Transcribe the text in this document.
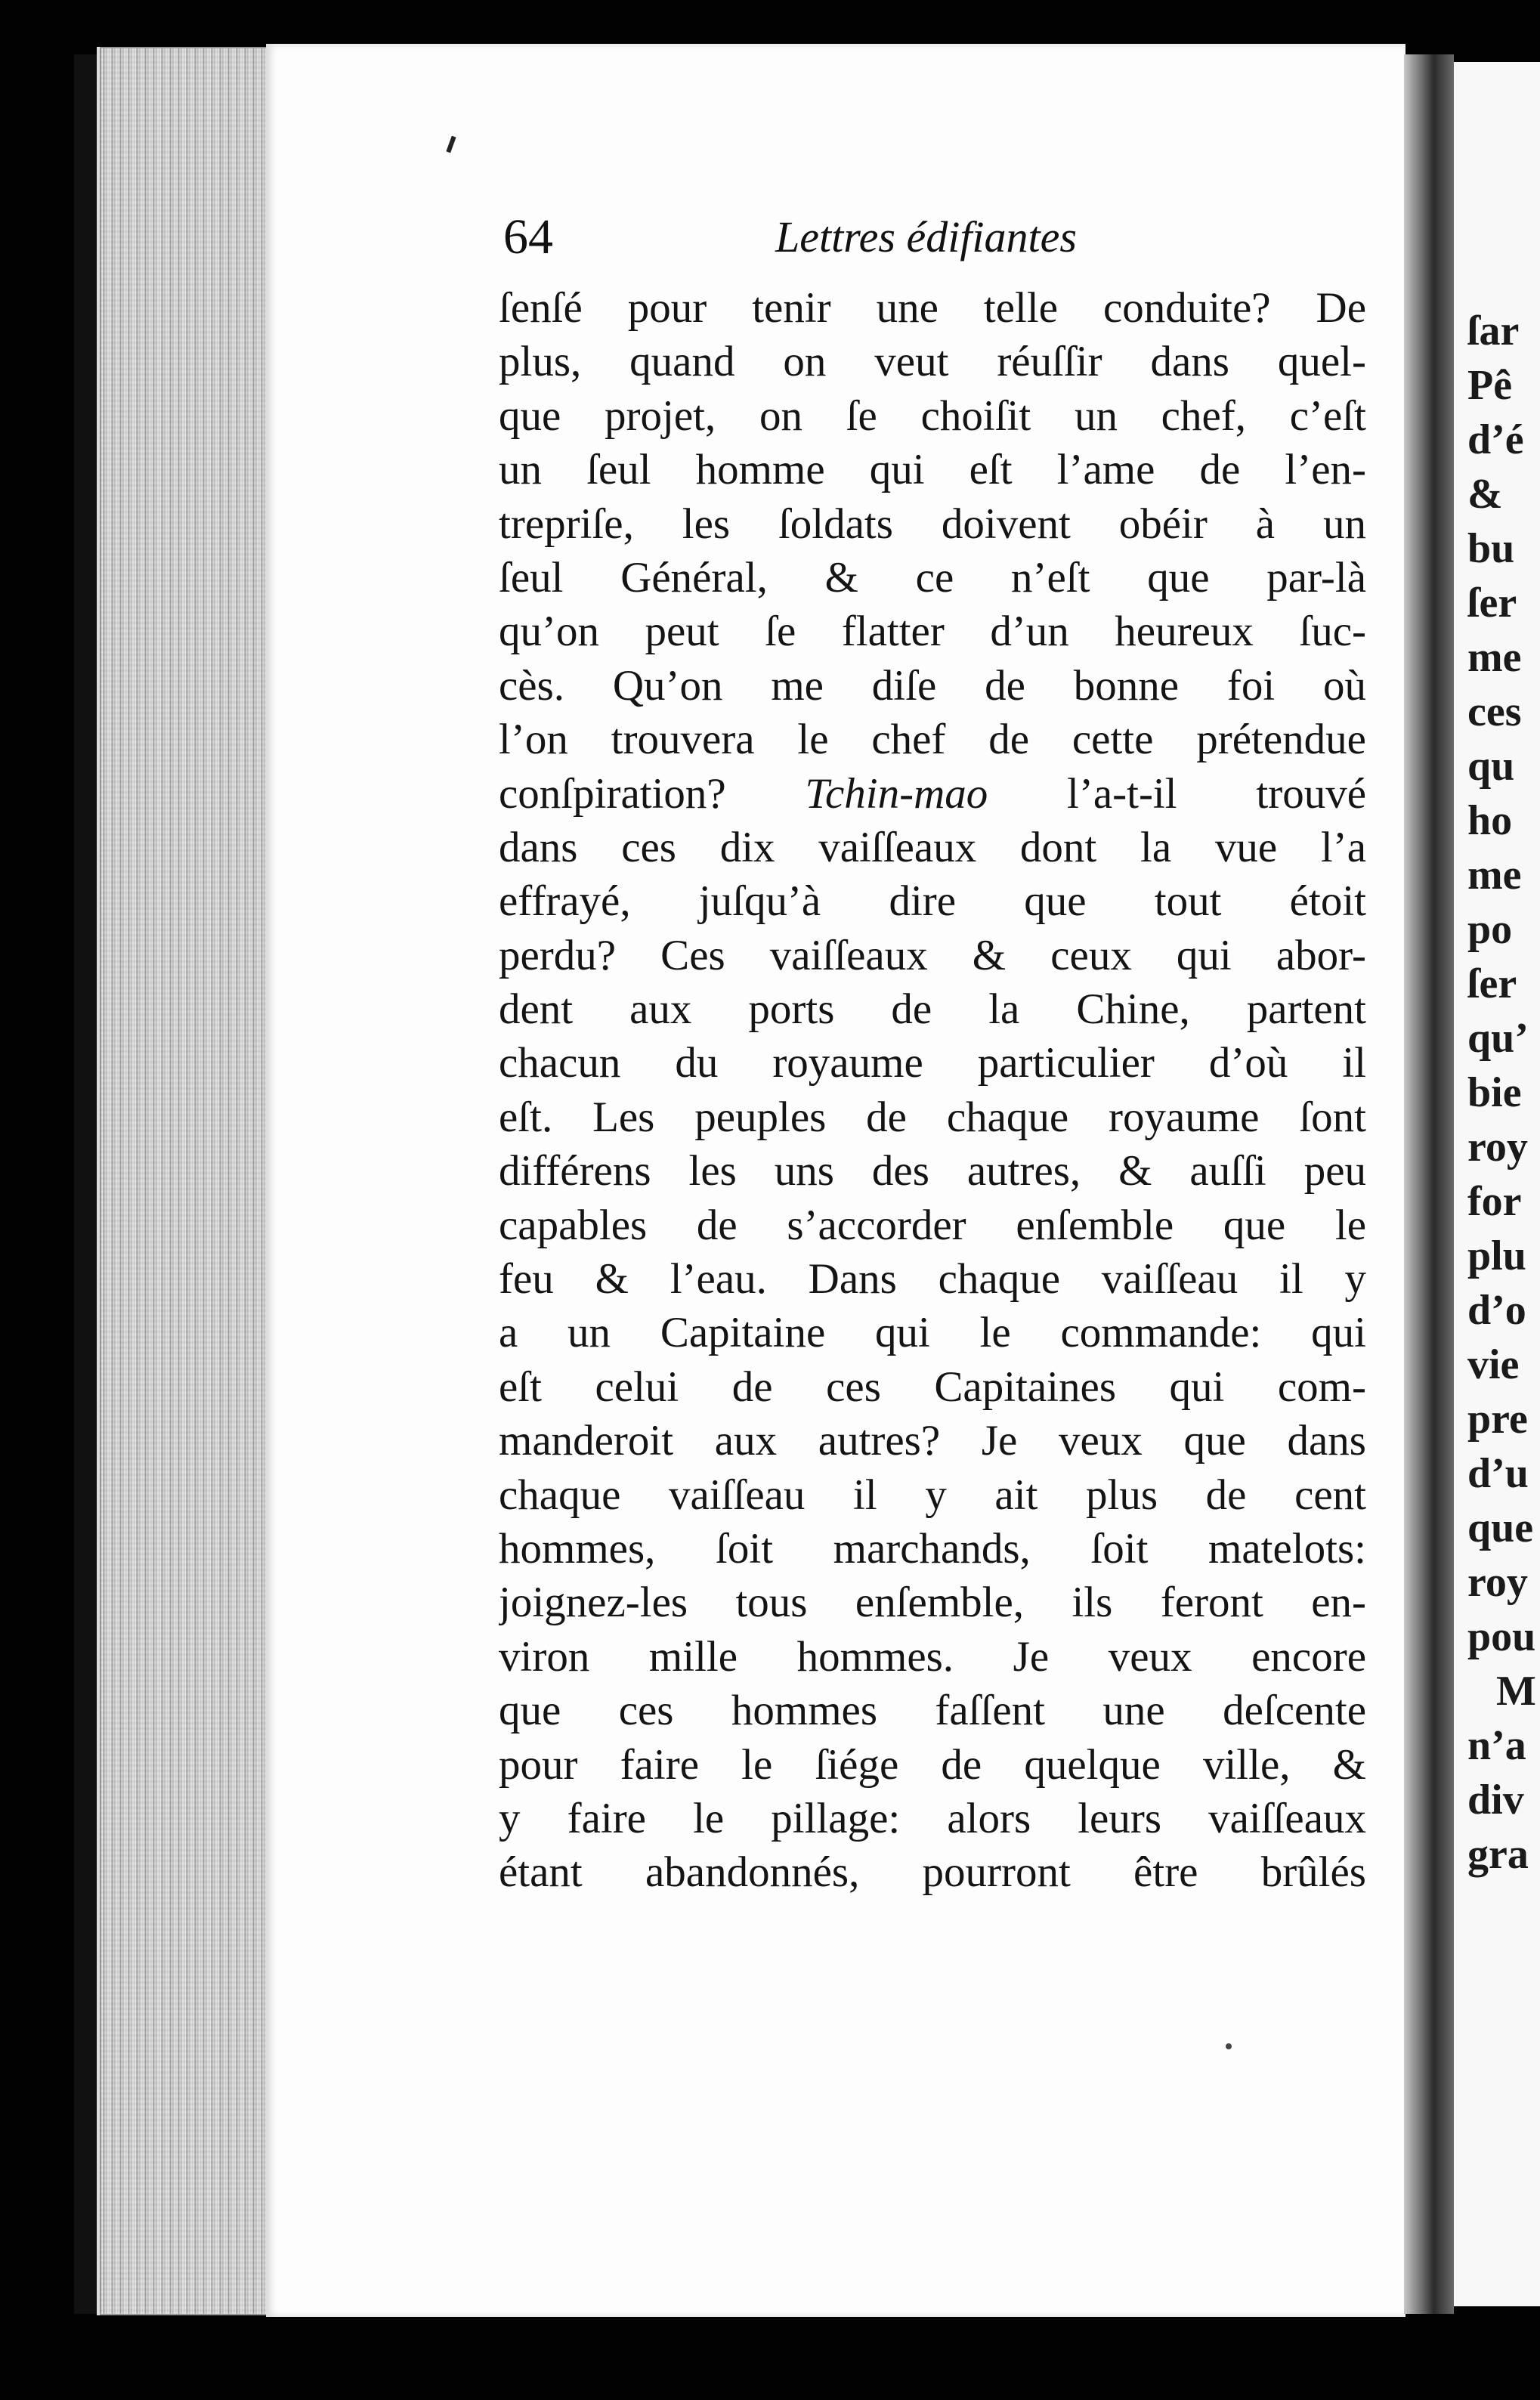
64	Lettres édifiantes
ſenſé pour tenir une telle conduite? De
plus, quand on veut réuſſir dans quel-
que projet, on ſe choiſit un chef, c’eſt
un ſeul homme qui eſt l’ame de l’en-
trepriſe, les ſoldats doivent obéir à un
ſeul Général, & ce n’eſt que par-là
qu’on peut ſe flatter d’un heureux ſuc-
cès. Qu’on me diſe de bonne foi où
l’on trouvera le chef de cette prétendue
conſpiration? Tchin-mao l’a-t-il trouvé
dans ces dix vaiſſeaux dont la vue l’a
effrayé, juſqu’à dire que tout étoit
perdu? Ces vaiſſeaux & ceux qui abor-
dent aux ports de la Chine, partent
chacun du royaume particulier d’où il
eſt. Les peuples de chaque royaume ſont
différens les uns des autres, & auſſi peu
capables de s’accorder enſemble que le
feu & l’eau. Dans chaque vaiſſeau il y
a un Capitaine qui le commande: qui
eſt celui de ces Capitaines qui com-
manderoit aux autres? Je veux que dans
chaque vaiſſeau il y ait plus de cent
hommes, ſoit marchands, ſoit matelots:
joignez-les tous enſemble, ils feront en-
viron mille hommes. Je veux encore
que ces hommes faſſent une deſcente
pour faire le ſiége de quelque ville, &
y faire le pillage: alors leurs vaiſſeaux
étant abandonnés, pourront être brûlés
ſar
Pê
d’é
&
bu
ſer
me
ces
qu
ho
me
po
ſer
qu’
bie
roy
for
plu
d’o
vie
pre
d’u
que
roy
pou
M
n’a
div
gra
